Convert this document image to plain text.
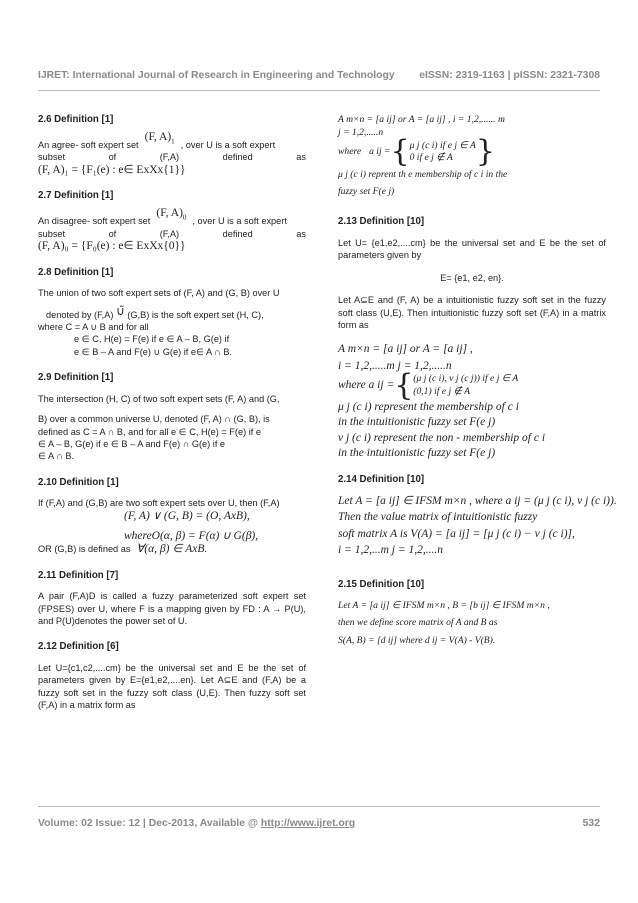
IJRET: International Journal of Research in Engineering and Technology eISSN: 2319-1163 | pISSN: 2321-7308
2.6 Definition [1]
An agree- soft expert set
(F, $A)_1$ , over U is a soft expert
subset	of	(F,A)	defined	as
(F, A)₁ = {F₁(e) : e∈ ExXx{1}}
2.7 Definition [1]
An disagree- soft expert set
(F, $A)_0$ , over U is a soft expert
subset	of	(F,A)	defined	as
(F, A)₀ = {F₀(e) : e∈ ExXx{0}}
2.8 Definition [1]
The union of two soft expert sets of (F, A) and (G, B) over U
denoted by (F,A) ∪̃ (G,B) is the soft expert set (H, C),
where C = A ∪ B and for all
e ∈ C, H(e) = F(e) if e ∈ A – B, G(e) if
e ∈ B – A and F(e) ∪ G(e) if e∈ A ∩ B.
2.9 Definition [1]
The intersection (H, C) of two soft expert sets (F, A) and (G,
B) over a common universe U, denoted (F, A) ∩ (G, B), is
defined as C = A ∩ B, and for all e ∈ C, H(e) = F(e) if e
∈ A – B, G(e) if e ∈ B – A and F(e) ∩ G(e) if e
∈ A ∩ B.
2.10 Definition [1]
If (F,A) and (G,B) are two soft expert sets over U, then (F,A)
(F, A) ∨ (G, B) = (O, AxB),
whereO(α, β) = F(α) ∪ G(β),
OR (G,B) is defined as ∀(α, β) ∈ AxB.
2.11 Definition [7]
A pair (F,A)D is called a fuzzy parameterized soft expert set (FPSES) over U, where F is a mapping given by FD : A → P(U), and P(U)denotes the power set of U.
2.12 Definition [6]
Let U={c1,c2,....cm} be the universal set and E be the set of parameters given by E={e1,e2,....en}. Let A⊆E and (F,A) be a fuzzy soft set in the fuzzy soft class (U,E). Then fuzzy soft set (F,A) in a matrix form as
A m×n = [a ij] or A = [a ij] , i = 1,2,...... m
j = 1,2,.....n
where a ij = { μ j (c i) if e j ∈ A
0 if e j ∉ A }
μ j (c i) reprent th e membership of c i in the
fuzzy set F(e j)
2.13 Definition [10]
Let U= {e1,e2,....cm} be the universal set and E be the set of parameters given by
E= {e1, e2, en}.
Let A⊆E and (F, A) be a intuitionistic fuzzy soft set in the fuzzy soft class (U,E). Then intuitionistic fuzzy soft set (F,A) in a matrix form as
A m×n = [a ij] or A = [a ij] ,
i = 1,2,.....m j = 1,2,.....n
where a ij = { (μ j (c i), ν j (c j)) if e j ∈ A
(0,1) if e j ∉ A
μ j (c i) represent the membership of c i
in the intuitionistic fuzzy set F(e j)
ν j (c i) represent the non - membership of c i
in the intuitionistic fuzzy set F(e j)
2.14 Definition [10]
Let A = [a ij] ∈ IFSM m×n , where a ij = (μ j (c i), ν j (c i)).
Then the value matrix of intuitionistic fuzzy
soft matrix A is V(A) = [a ij] = [μ j (c i) − ν j (c i)],
i = 1,2,...m j = 1,2,....n
2.15 Definition [10]
Let A = [a ij] ∈ IFSM m×n , B = [b ij] ∈ IFSM m×n ,
then we define score matrix of A and B as
S(A, B) = [d ij] where d ij = V(A) - V(B).
Volume: 02 Issue: 12 | Dec-2013, Available @ http://www.ijret.org	532
